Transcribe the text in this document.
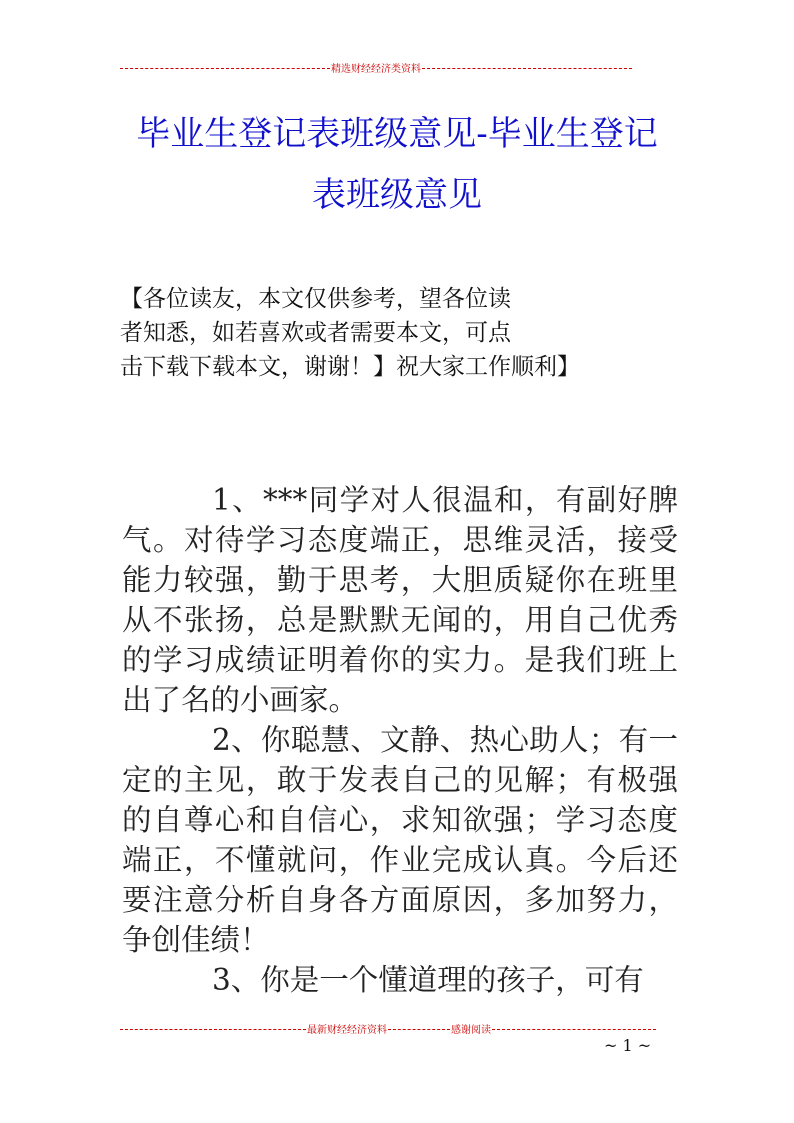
精选财经经济类资料
毕业生登记表班级意见-毕业生登记
表班级意见
【各位读友，本文仅供参考，望各位读
者知悉，如若喜欢或者需要本文，可点
击下载下载本文，谢谢！】祝大家工作顺利】

1、***同学对人很温和，有副好脾气。对待学习态度端正，思维灵活，接受能力较强，勤于思考，大胆质疑你在班里从不张扬，总是默默无闻的，用自己优秀的学习成绩证明着你的实力。是我们班上出了名的小画家。

2、你聪慧、文静、热心助人；有一定的主见，敢于发表自己的见解；有极强的自尊心和自信心，求知欲强；学习态度端正，不懂就问，作业完成认真。今后还要注意分析自身各方面原因，多加努力，争创佳绩！

3、你是一个懂道理的孩子，可有

最新财经经济资料	感谢阅读
~ 1 ~
